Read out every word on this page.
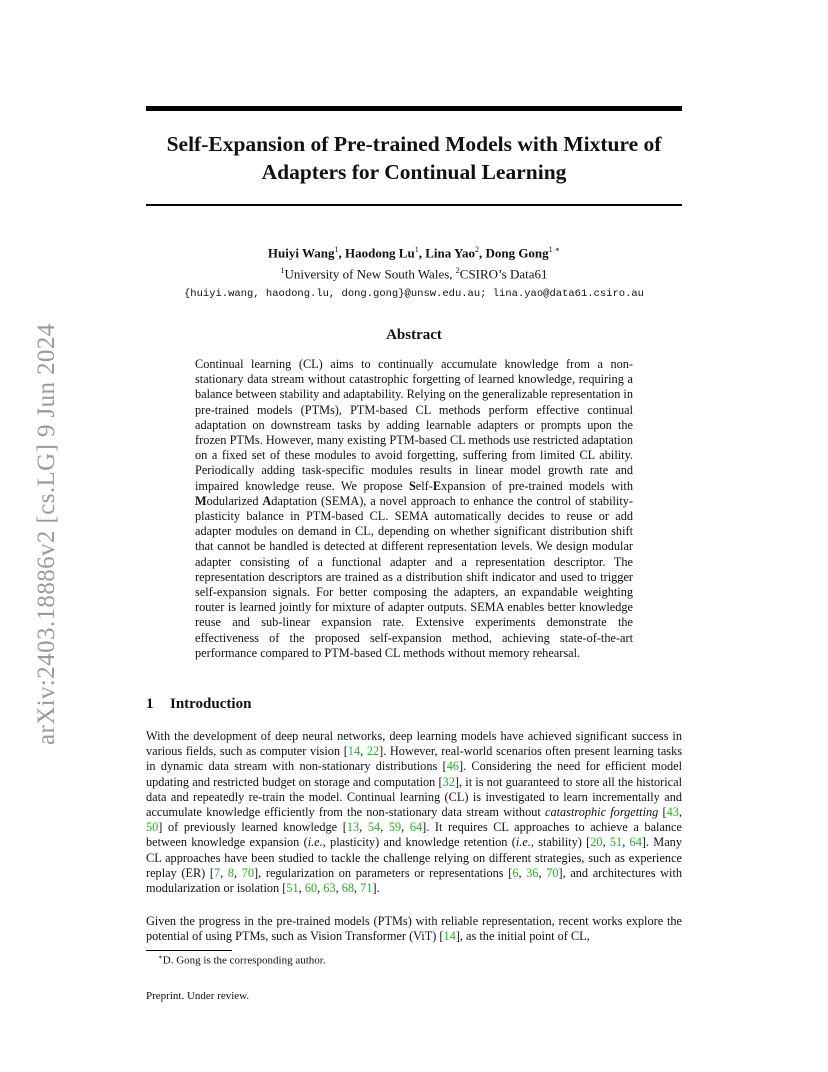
arXiv:2403.18886v2 [cs.LG] 9 Jun 2024
Self-Expansion of Pre-trained Models with Mixture of Adapters for Continual Learning
Huiyi Wang$^1$, Haodong Lu$^1$, Lina Yao$^2$, Dong Gong$^{1 ∗}$
$^1$University of New South Wales, $^2$CSIRO’s Data61
{huiyi.wang, haodong.lu, dong.gong}@unsw.edu.au; lina.yao@data61.csiro.au
Abstract
Continual learning (CL) aims to continually accumulate knowledge from a non-stationary data stream without catastrophic forgetting of learned knowledge, requiring a balance between stability and adaptability. Relying on the generalizable representation in pre-trained models (PTMs), PTM-based CL methods perform effective continual adaptation on downstream tasks by adding learnable adapters or prompts upon the frozen PTMs. However, many existing PTM-based CL methods use restricted adaptation on a fixed set of these modules to avoid forgetting, suffering from limited CL ability. Periodically adding task-specific modules results in linear model growth rate and impaired knowledge reuse. We propose Self-Expansion of pre-trained models with Modularized Adaptation (SEMA), a novel approach to enhance the control of stability-plasticity balance in PTM-based CL. SEMA automatically decides to reuse or add adapter modules on demand in CL, depending on whether significant distribution shift that cannot be handled is detected at different representation levels. We design modular adapter consisting of a functional adapter and a representation descriptor. The representation descriptors are trained as a distribution shift indicator and used to trigger self-expansion signals. For better composing the adapters, an expandable weighting router is learned jointly for mixture of adapter outputs. SEMA enables better knowledge reuse and sub-linear expansion rate. Extensive experiments demonstrate the effectiveness of the proposed self-expansion method, achieving state-of-the-art performance compared to PTM-based CL methods without memory rehearsal.
1 Introduction
With the development of deep neural networks, deep learning models have achieved significant success in various fields, such as computer vision [14, 22]. However, real-world scenarios often present learning tasks in dynamic data stream with non-stationary distributions [46]. Considering the need for efficient model updating and restricted budget on storage and computation [32], it is not guaranteed to store all the historical data and repeatedly re-train the model. Continual learning (CL) is investigated to learn incrementally and accumulate knowledge efficiently from the non-stationary data stream without catastrophic forgetting [43, 50] of previously learned knowledge [13, 54, 59, 64]. It requires CL approaches to achieve a balance between knowledge expansion (i.e., plasticity) and knowledge retention (i.e., stability) [20, 51, 64]. Many CL approaches have been studied to tackle the challenge relying on different strategies, such as experience replay (ER) [7, 8, 70], regularization on parameters or representations [6, 36, 70], and architectures with modularization or isolation [51, 60, 63, 68, 71].
Given the progress in the pre-trained models (PTMs) with reliable representation, recent works explore the potential of using PTMs, such as Vision Transformer (ViT) [14], as the initial point of CL,
∗D. Gong is the corresponding author.
Preprint. Under review.
